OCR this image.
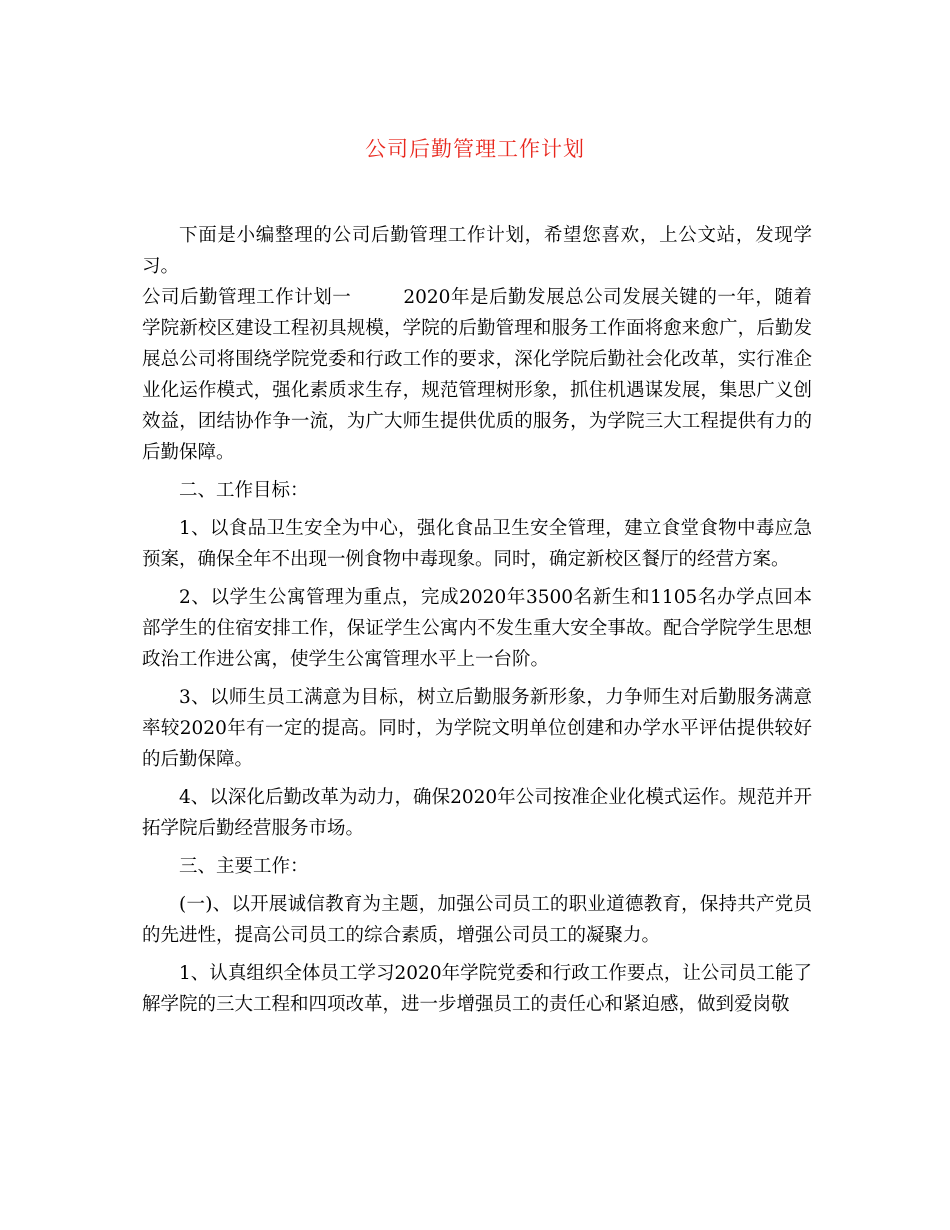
公司后勤管理工作计划

下面是小编整理的公司后勤管理工作计划，希望您喜欢，上公文站，发现学习。

公司后勤管理工作计划一	2020年是后勤发展总公司发展关键的一年，随着学院新校区建设工程初具规模，学院的后勤管理和服务工作面将愈来愈广，后勤发展总公司将围绕学院党委和行政工作的要求，深化学院后勤社会化改革，实行准企业化运作模式，强化素质求生存，规范管理树形象，抓住机遇谋发展，集思广义创效益，团结协作争一流，为广大师生提供优质的服务，为学院三大工程提供有力的后勤保障。

二、工作目标：

1、以食品卫生安全为中心，强化食品卫生安全管理，建立食堂食物中毒应急预案，确保全年不出现一例食物中毒现象。同时，确定新校区餐厅的经营方案。

2、以学生公寓管理为重点，完成2020年3500名新生和1105名办学点回本部学生的住宿安排工作，保证学生公寓内不发生重大安全事故。配合学院学生思想政治工作进公寓，使学生公寓管理水平上一台阶。

3、以师生员工满意为目标，树立后勤服务新形象，力争师生对后勤服务满意率较2020年有一定的提高。同时，为学院文明单位创建和办学水平评估提供较好的后勤保障。

4、以深化后勤改革为动力，确保2020年公司按准企业化模式运作。规范并开拓学院后勤经营服务市场。

三、主要工作：

(一)、以开展诚信教育为主题，加强公司员工的职业道德教育，保持共产党员的先进性，提高公司员工的综合素质，增强公司员工的凝聚力。

1、认真组织全体员工学习2020年学院党委和行政工作要点，让公司员工能了解学院的三大工程和四项改革，进一步增强员工的责任心和紧迫感，做到爱岗敬
